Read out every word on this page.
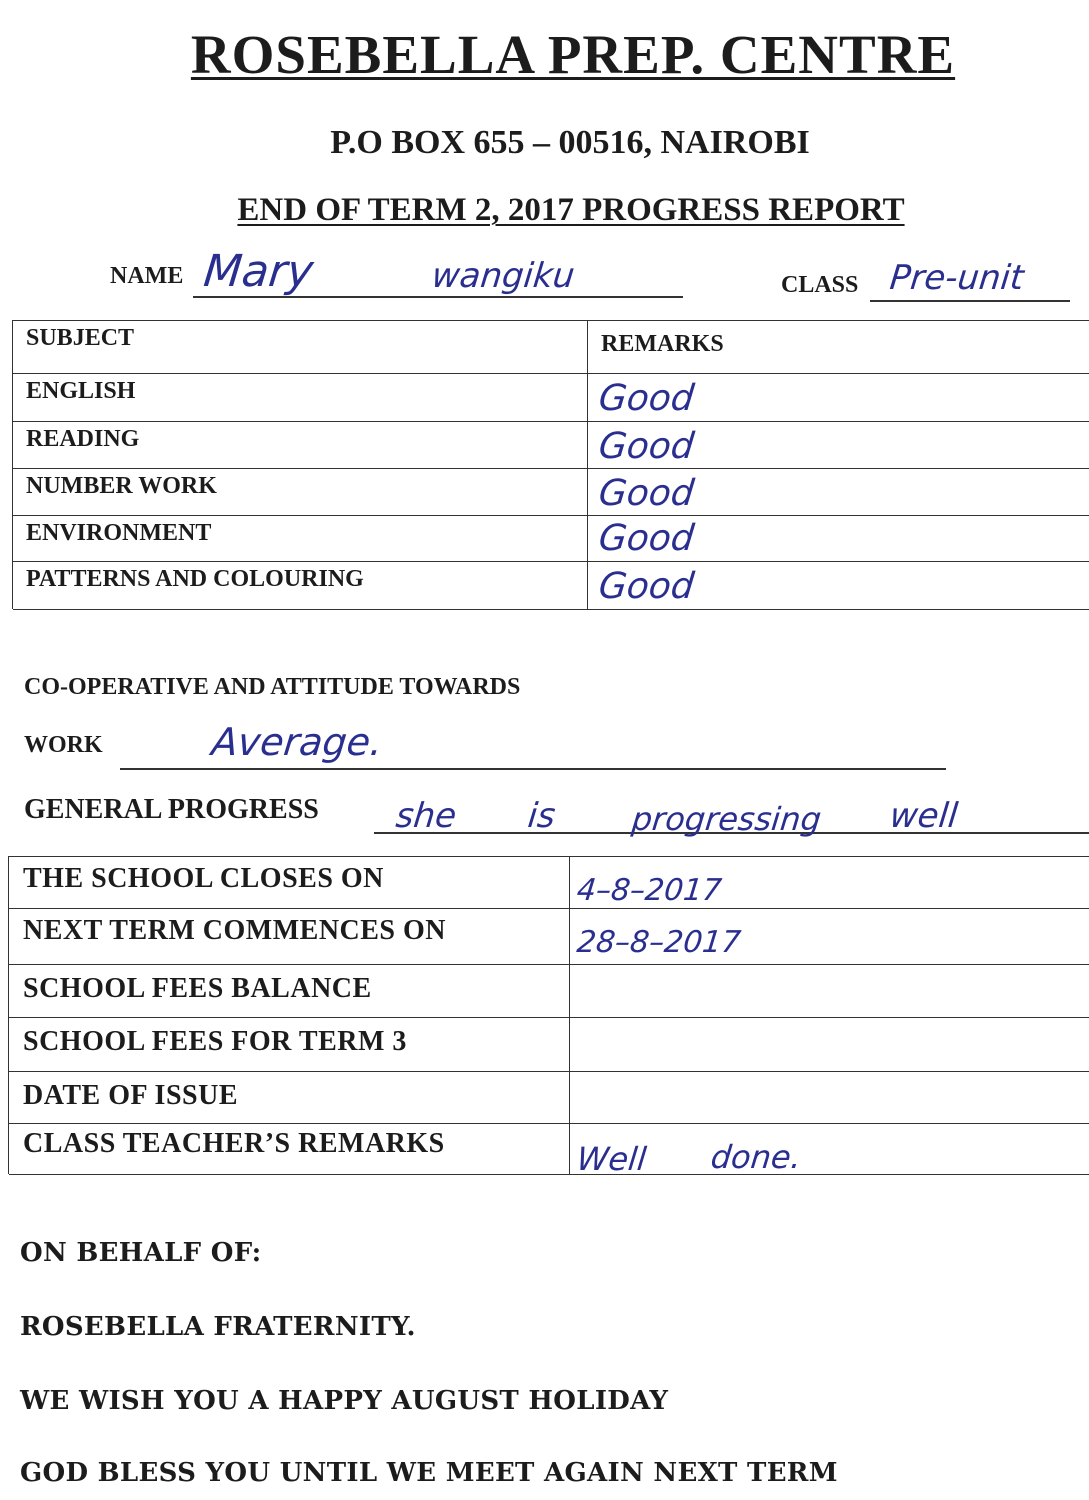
ROSEBELLA PREP. CENTRE
P.O BOX 655 – 00516, NAIROBI
END OF TERM 2, 2017 PROGRESS REPORT
NAME Mary	wangiku	CLASS Pre-unit
SUBJECT	REMARKS
ENGLISH	Good
READING	Good
NUMBER WORK	Good
ENVIRONMENT	Good
PATTERNS AND COLOURING	Good
CO-OPERATIVE AND ATTITUDE TOWARDS
WORK	Average.
GENERAL PROGRESS she is progressing well
THE SCHOOL CLOSES ON	4–8–2017
NEXT TERM COMMENCES ON	28–8–2017
SCHOOL FEES BALANCE
SCHOOL FEES FOR TERM 3
DATE OF ISSUE
CLASS TEACHER’S REMARKS	Well done.
ON BEHALF OF:
ROSEBELLA FRATERNITY.
WE WISH YOU A HAPPY AUGUST HOLIDAY
GOD BLESS YOU UNTIL WE MEET AGAIN NEXT TERM
